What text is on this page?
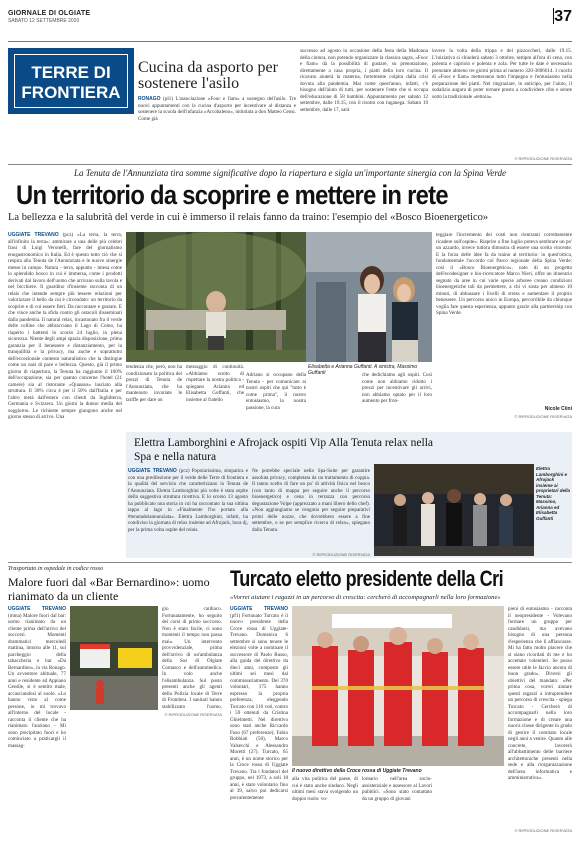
GIORNALE DI OLGIATE
SABATO 12 SETTEMBRE 2020	37
TERRE DI
FRONTIERA
Cucina da asporto per sostenere l'asilo
RONAGO (pl1) L'associazione «Fooc e fiam» a sostegno dell'asilo. Tre nuovi appuntamenti con la cucina d'asporto per incentivare al distanza e sostenere la scuola dell'infanzia «Arcobaleno», intitolata a don Matteo Censi. Come già
successo ad agosto in occasione della festa della Madonna della cintura, non potendo organizzare la classica sagra, «Fooc e fiam» dà la possibilità di gustare, su prenotazione, direttamente a casa propria, i piatti della loro cucina. Il ricavato aiuterà la materna, fortemente colpita dalla crisi dovuta alla pandemia. Mai come quest'anno, infatti, c'è bisogno dell'aiuto di tutti, per sostenere l'ente che si occupa dell'educazione di 58 bambini. Appuntamento per sabato 12 settembre, dalle 19.15, con il risotto con luganega. Sabato 19 settembre, dalle 17, sarà
invece la volta della trippa e del pizzoccheri, dalle 19.15. L'iniziativa si chiuderà sabato 3 ottobre, sempre all'ora di cena, con polenta e capriolo e polenta e zola. Per tutte le date è necessario prenotare almeno tre giorni prima al numero 320-3806614. I cuochi di «Fooc e fiam» metteranno tutto l'impegno e l'entusiasmo nella preparazione dei piatti. Nel ringraziare, in anticipo, per l'aiuto, il sodalizio augura di poter tornare presto a condividere cibo e serate sotto la tradizionale «tettoia».
© RIPRODUZIONE RISERVATA
La Tenuta de l'Annunziata tira somme significative dopo la riapertura e sigla un'importante sinergia con la Spina Verde
Un territorio da scoprire e mettere in rete
La bellezza e la salubrità del verde in cui è immerso il relais fanno da traino: l'esempio del «Bosco Bioenergetico»
UGGIATE TREVANO (pcz) «La terra, la terra, all'infinito la terra»: ammirare a una delle più celebri frasi di Luigi Veronelli, fare del giornalismo enogastronomico in Italia. Ed è questo tutto ciò che si respira alla Tenuta de l'Annunziata e le nuove sinergie messe in campo. Natura - terra, appunto - intesa come lo splendido bosco in cui è immersa, come i prodotti derivati dal lavoro dell'uomo che arrivano sulla tavola e nel bicchiere. Il guardino d'insieme racconta di un relais che intende sempre più tessere relazioni per valorizzare il bello da cui è circondato: un territorio da scoprire e di cui essere fieri. Da raccontare e gustare. E che vince anche la sfida contro gli ostacoli disseminati dalla pandemia. Il natural relax, incastonato fra il verde delle colline che abbracciano il Lago di Como, ha riaperto i battenti lo scorso 24 luglio, in piena sicurezza. Niente degli ampi spazia disposizione, prima garanzia per il benessere e distanziamento, per la tranquillità e la privacy, ma anche e soprattutto dell'eccezionale contesto naturalistico che la distingue come un oasi di pace e bellezza. Questo, già il primo giorno di riapertura, la Tenuta ha raggiunto il 100% dell'occupazione, sia per quanto concerne l'hotel (21 camere) sia al ristorante «Quassus» lasciato alla struttura. Il 30% circa è per il 50% dall'Italia e per l'altro metà dall'estero con clienti da Inghilterra, Germania e Svizzera. Un giorni la dunno media del soggiorno. Le richieste sempre giungono anche nel giorno stesso di arrivo. Una
Elisabetta e Arianna Guffanti. A sinistra, Massimo Guffanti
tendenza che, però, non ha condizionato la politica dei prezzi di Tenuta de l'Annunziata, che ha mantenuto invariate le tariffe per dare un
messaggio di continuità. «Abbiamo scelto di rispettare la nostra politica - spiegano Arianna ed Elisabetta Guffanti, che insieme al fratello
Adriano si occupano della Tenuta - per comunicare ai nostri ospiti che qui "tutto è come prima", il nostro entusiasmo, la nostra passione, la cura
che dedichiamo agli ospiti. Così come non abbiamo ridotto i prezzi per incentivare gli arrivi, non abbiamo optato per il loro aumento per fron-
teggiare l'incremento dei costi non rientranti correttamente ricadere sull'ospite». Riaprire a fine luglio poteva sembrare un po' un azzardo, invece tuttora dimostra di essere una scelta vincente. E la forza delle idee fa da traino al territorio: in quest'ottica, fondamentale l'accordo col Parco regionale della Spina Verde: così il «Bosco Bioenergetico», nato di un progetto dell'ecodesigner e bio-ricercatore Marco Nieri, offre un itinerario segnato da aree in cui varie specie arboree creano condizioni bioenergetiche tali da permettere, a chi vi sosta per almeno 10 minuti, di abbassare i livelli di stress e aumentare il proprio benessere. Un percorso unico in Europa, percorribile da chiunque voglia fare questa esperienza, appunto grazie alla partnership con Spina Verde.
Nicole Ciini
© RIPRODUZIONE RISERVATA
Elettra Lamborghini e Afrojack ospiti Vip Alla Tenuta relax nella Spa e nella natura
UGGIATE TREVANO (pcz) Popolarissima, simpatica e con una predilezione per il verde delle Terre di frontiera e la qualità del servizio che caratterizzano la Tenuta de l'Annunziata. Elettra Lamborghini più volte è stata ospite della suggestiva struttura ricettiva. E lo scorso 13 agosto ha pubblicato una storia in cui ha raccontato la sua ultima tappa al lago in «Finalmente l'ho portato alla #tenutadelannunziata». Elettra Lamborghini, infatti, ha condiviso la giornata di relax insieme ad Afrojack, hora dj, per la prima volta ospite del relais.
Ne potrebbe speciale nella Spa-Suite per garantire assoluta privacy, completata da un trattamento di coppia. Il tanno scelto di fare un po' di attività fisica nel bosco (con tanto di mappa per seguire anche il percorso bioenergetico) e cena in terrazza con percorso degustazione Volpe (apprezzato a mani libero dello chef). «Non aggiungiamo se vengono per seguire preparativi primi delle nozze, che dovrebbero essere a fine settembre, o se per semplice ricerca di relax», spiegano dalla Tenuta.
© RIPRODUZIONE RISERVATA
Elettra Lamborghini e Afrojack insieme ai proprietari della Tenuta: Massimo, Arianna ed Elisabetta Guffanti
Trasportato in ospedale in codice rosso
Malore fuori dal «Bar Bernardino»: uomo rianimato da un cliente
UGGIATE TREVANO (mma) Malore fuori dal bar: uomo rianimato da un cliente prima dell'arrivo dei soccorsi. Momenti drammatici mercoledì mattina, intorno alle 11, sul parcheggio della tabaccheria e bar «Da Bernardino», in via Ronago. Un avventore abituale, 77 anni e residente ad Appiano Gentile, si è sentito male, accasciandosi al suolo. «Lo hanno visto al come persone, io mi trovavo all'interno del locale - racconta il cliente che ha rianimato l'anziano - Mi sono precipitato fuori e ho cominciato a praticargli il massag-
gio cardiaco. Fortunatamente, ho seguito dei corsi di primo soccorso. Non è stato facile, ci sono momenti il tempo non passa mai». Un intervento provvidenziale, prima dell'arrivo di un'ambulanza della Sos di Olgiate Comasco e dell'automedica. In volo anche l'elisambulanza. Sul posto presenti anche gli agenti della Polizia locale di Terre di Frontiera. I sanitari hanno stabilizzato l'uomo,
© RIPRODUZIONE RISERVATA
Turcato eletto presidente della Cri
«Vorrei aiutare i ragazzi in un percorso di crescita: cercherò di accompagnarli nella loro formazione»
UGGIATE TREVANO (pf1) Fortunato Turcato è il nuovo presidente della Croce rossa di Uggiate-Trevano. Domenica 6 settembre si sono tenute le elezioni volte a nominare il successore di Paolo Russo, alla guida del direttivo da dieci anni, composto gli ultimi sei mesi dal commissariamento. Dei 370 volontari, 175 hanno espresso la propria preferenza, eleggendo Turcato con 116 voti, contro i 59 ottenuti da Cristina Ghielmetti. Nel direttivo sono stati anche Riccardo Fuso (67 preferenze), Fabio Robbiati (58), Marco Valsecchi e Alessandro Moretti (27). Turcato, 65 anni, è un nome storico per la Croce rossa di Uggiate Trevano. Tra i fondatori del gruppo, nel 1973, a soli 18 anni, è stato volontario fino al 39, salvo poi dedicarsi prevalentemente
Il nuovo direttivo della Croce rossa di Uggiate Trevano
alla vita politica del paese, di cui è stato anche sindaco. Negli ultimi mesi stava svolgendo un doppio ruolo: vo-
lontario nell'area socio-assistenziale e assessore al Lavori pubblici. «Sono stato contattato da un gruppo di giovani
pieni di entusiasmo - racconta il neopresidente - Volevano formare un gruppo per candidarsi, ma avevano bisogno di una persona d'esperienza che li affiancasse. Mi ha fatto molto piacere che si siano ricordati di me e ho accettato volentieri. Se posso essere utile le faccio ancora di buon grado». Diversi gli obiettivi del mandato: «Per prima cosa, vorrei aiutare questi ragazzi a intraprendere un percorso di crescita - spiega Turcato - Cercherò di accompagnarli nella loro formazione e di creare una nuova classe dirigente in grado di gestire il comitato locale negli anni a venire. Quanto alle concrete, lavorerò all'abbattimento delle barriere architettoniche presenti nella sede e alla riorganizzazione dell'area informatica e amministrativa».
© RIPRODUZIONE RISERVATA
